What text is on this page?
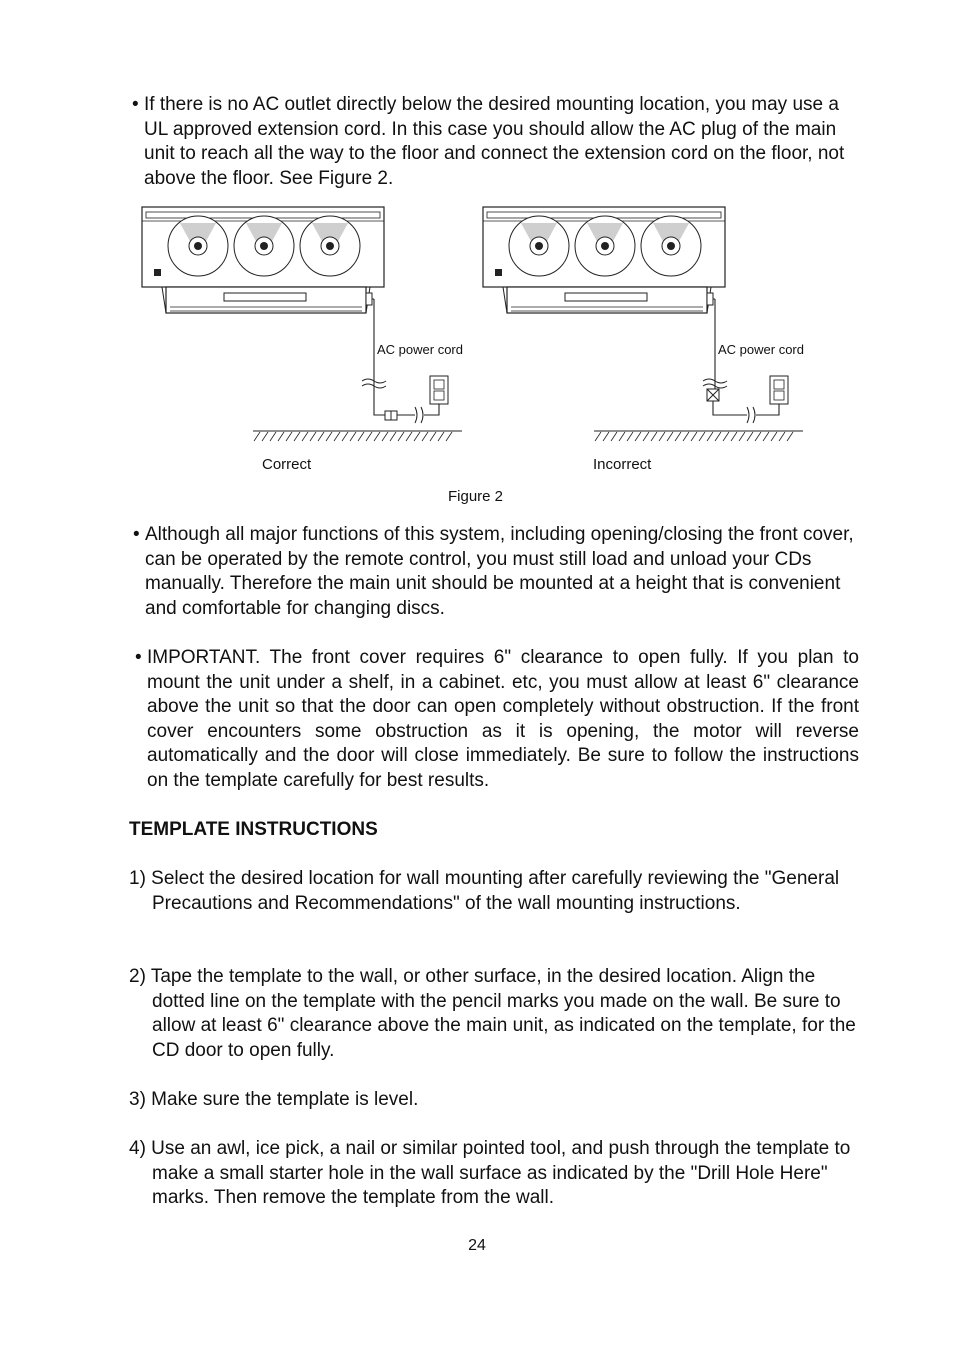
• If there is no AC outlet directly below the desired mounting location, you may use a UL approved extension cord. In this case you should allow the AC plug of the main unit to reach all the way to the floor and connect the extension cord on the floor, not above the floor. See Figure 2.

AC power cord	AC power cord
Correct	Incorrect
Figure 2

• Although all major functions of this system, including opening/closing the front cover, can be operated by the remote control, you must still load and unload your CDs manually. Therefore the main unit should be mounted at a height that is convenient and comfortable for changing discs.

• IMPORTANT. The front cover requires 6" clearance to open fully. If you plan to mount the unit under a shelf, in a cabinet. etc, you must allow at least 6" clearance above the unit so that the door can open completely without obstruction. If the front cover encounters some obstruction as it is opening, the motor will reverse automatically and the door will close immediately. Be sure to follow the instructions on the template carefully for best results.

TEMPLATE INSTRUCTIONS

1) Select the desired location for wall mounting after carefully reviewing the "General Precautions and Recommendations" of the wall mounting instructions.

2) Tape the template to the wall, or other surface, in the desired location. Align the dotted line on the template with the pencil marks you made on the wall. Be sure to allow at least 6" clearance above the main unit, as indicated on the template, for the CD door to open fully.

3) Make sure the template is level.

4) Use an awl, ice pick, a nail or similar pointed tool, and push through the template to make a small starter hole in the wall surface as indicated by the "Drill Hole Here" marks. Then remove the template from the wall.

24
